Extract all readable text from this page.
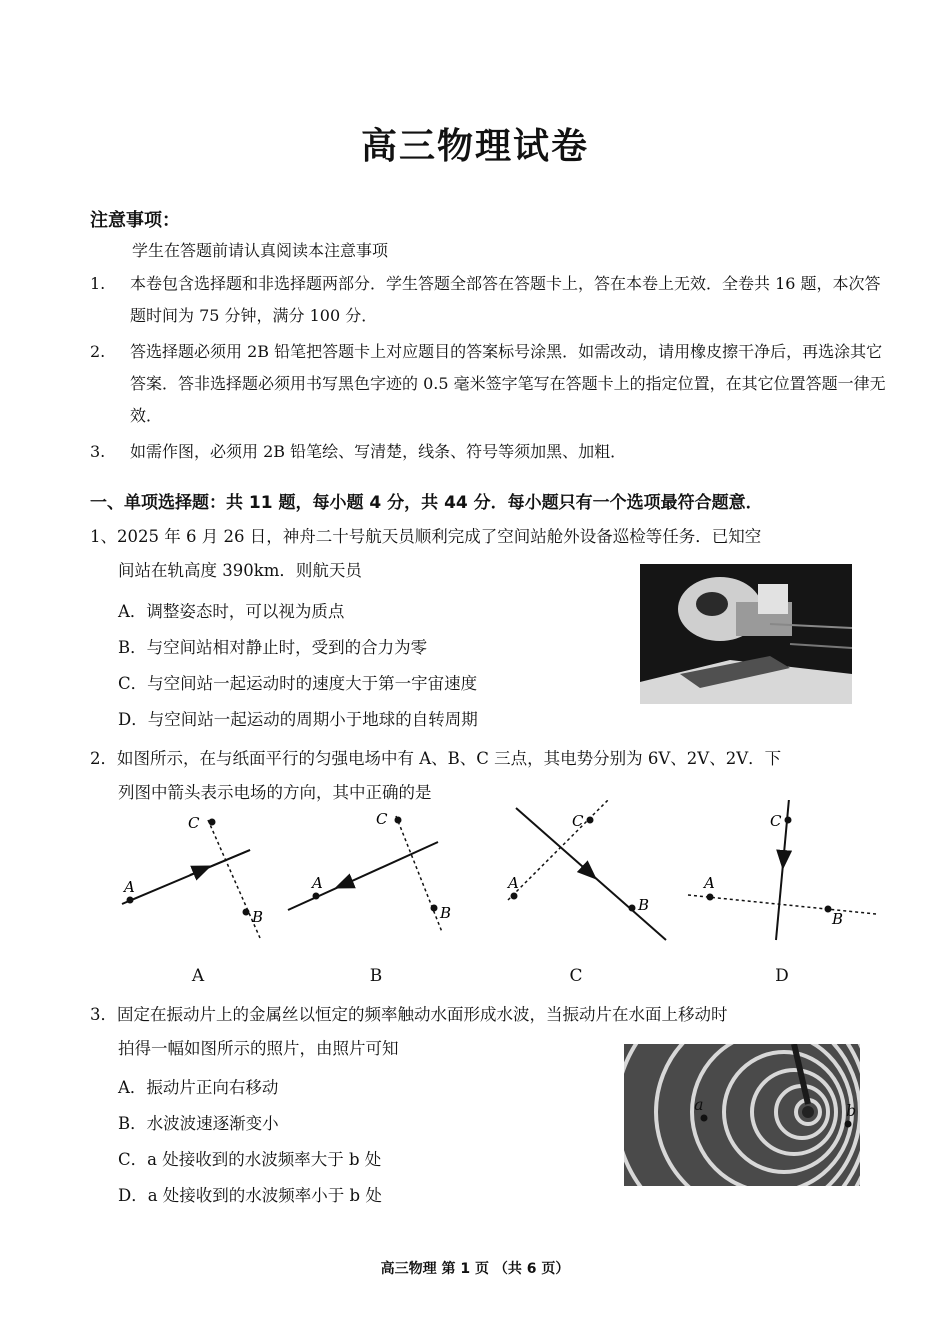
高三物理试卷
注意事项：
学生在答题前请认真阅读本注意事项
1. 本卷包含选择题和非选择题两部分．学生答题全部答在答题卡上，答在本卷上无效．全卷共 16 题，本次答题时间为 75 分钟，满分 100 分．
2. 答选择题必须用 2B 铅笔把答题卡上对应题目的答案标号涂黑．如需改动，请用橡皮擦干净后，再选涂其它答案．答非选择题必须用书写黑色字迹的 0.5 毫米签字笔写在答题卡上的指定位置，在其它位置答题一律无效．
3. 如需作图，必须用 2B 铅笔绘、写清楚，线条、符号等须加黑、加粗．
一、单项选择题：共 11 题，每小题 4 分，共 44 分．每小题只有一个选项最符合题意．
1、2025 年 6 月 26 日，神舟二十号航天员顺利完成了空间站舱外设备巡检等任务．已知空
间站在轨高度 390km．则航天员
A．调整姿态时，可以视为质点
B．与空间站相对静止时，受到的合力为零
C．与空间站一起运动时的速度大于第一宇宙速度
D．与空间站一起运动的周期小于地球的自转周期
2．如图所示，在与纸面平行的匀强电场中有 A、B、C 三点，其电势分别为 6V、2V、2V．下
列图中箭头表示电场的方向，其中正确的是
C
A
B
C
A
B
C
A
B
C
A
B
A	B	C	D
3．固定在振动片上的金属丝以恒定的频率触动水面形成水波，当振动片在水面上移动时
拍得一幅如图所示的照片，由照片可知
A．振动片正向右移动
B．水波波速逐渐变小
C．a 处接收到的水波频率大于 b 处
D．a 处接收到的水波频率小于 b 处
a	b
高三物理 第 1 页 （共 6 页）
